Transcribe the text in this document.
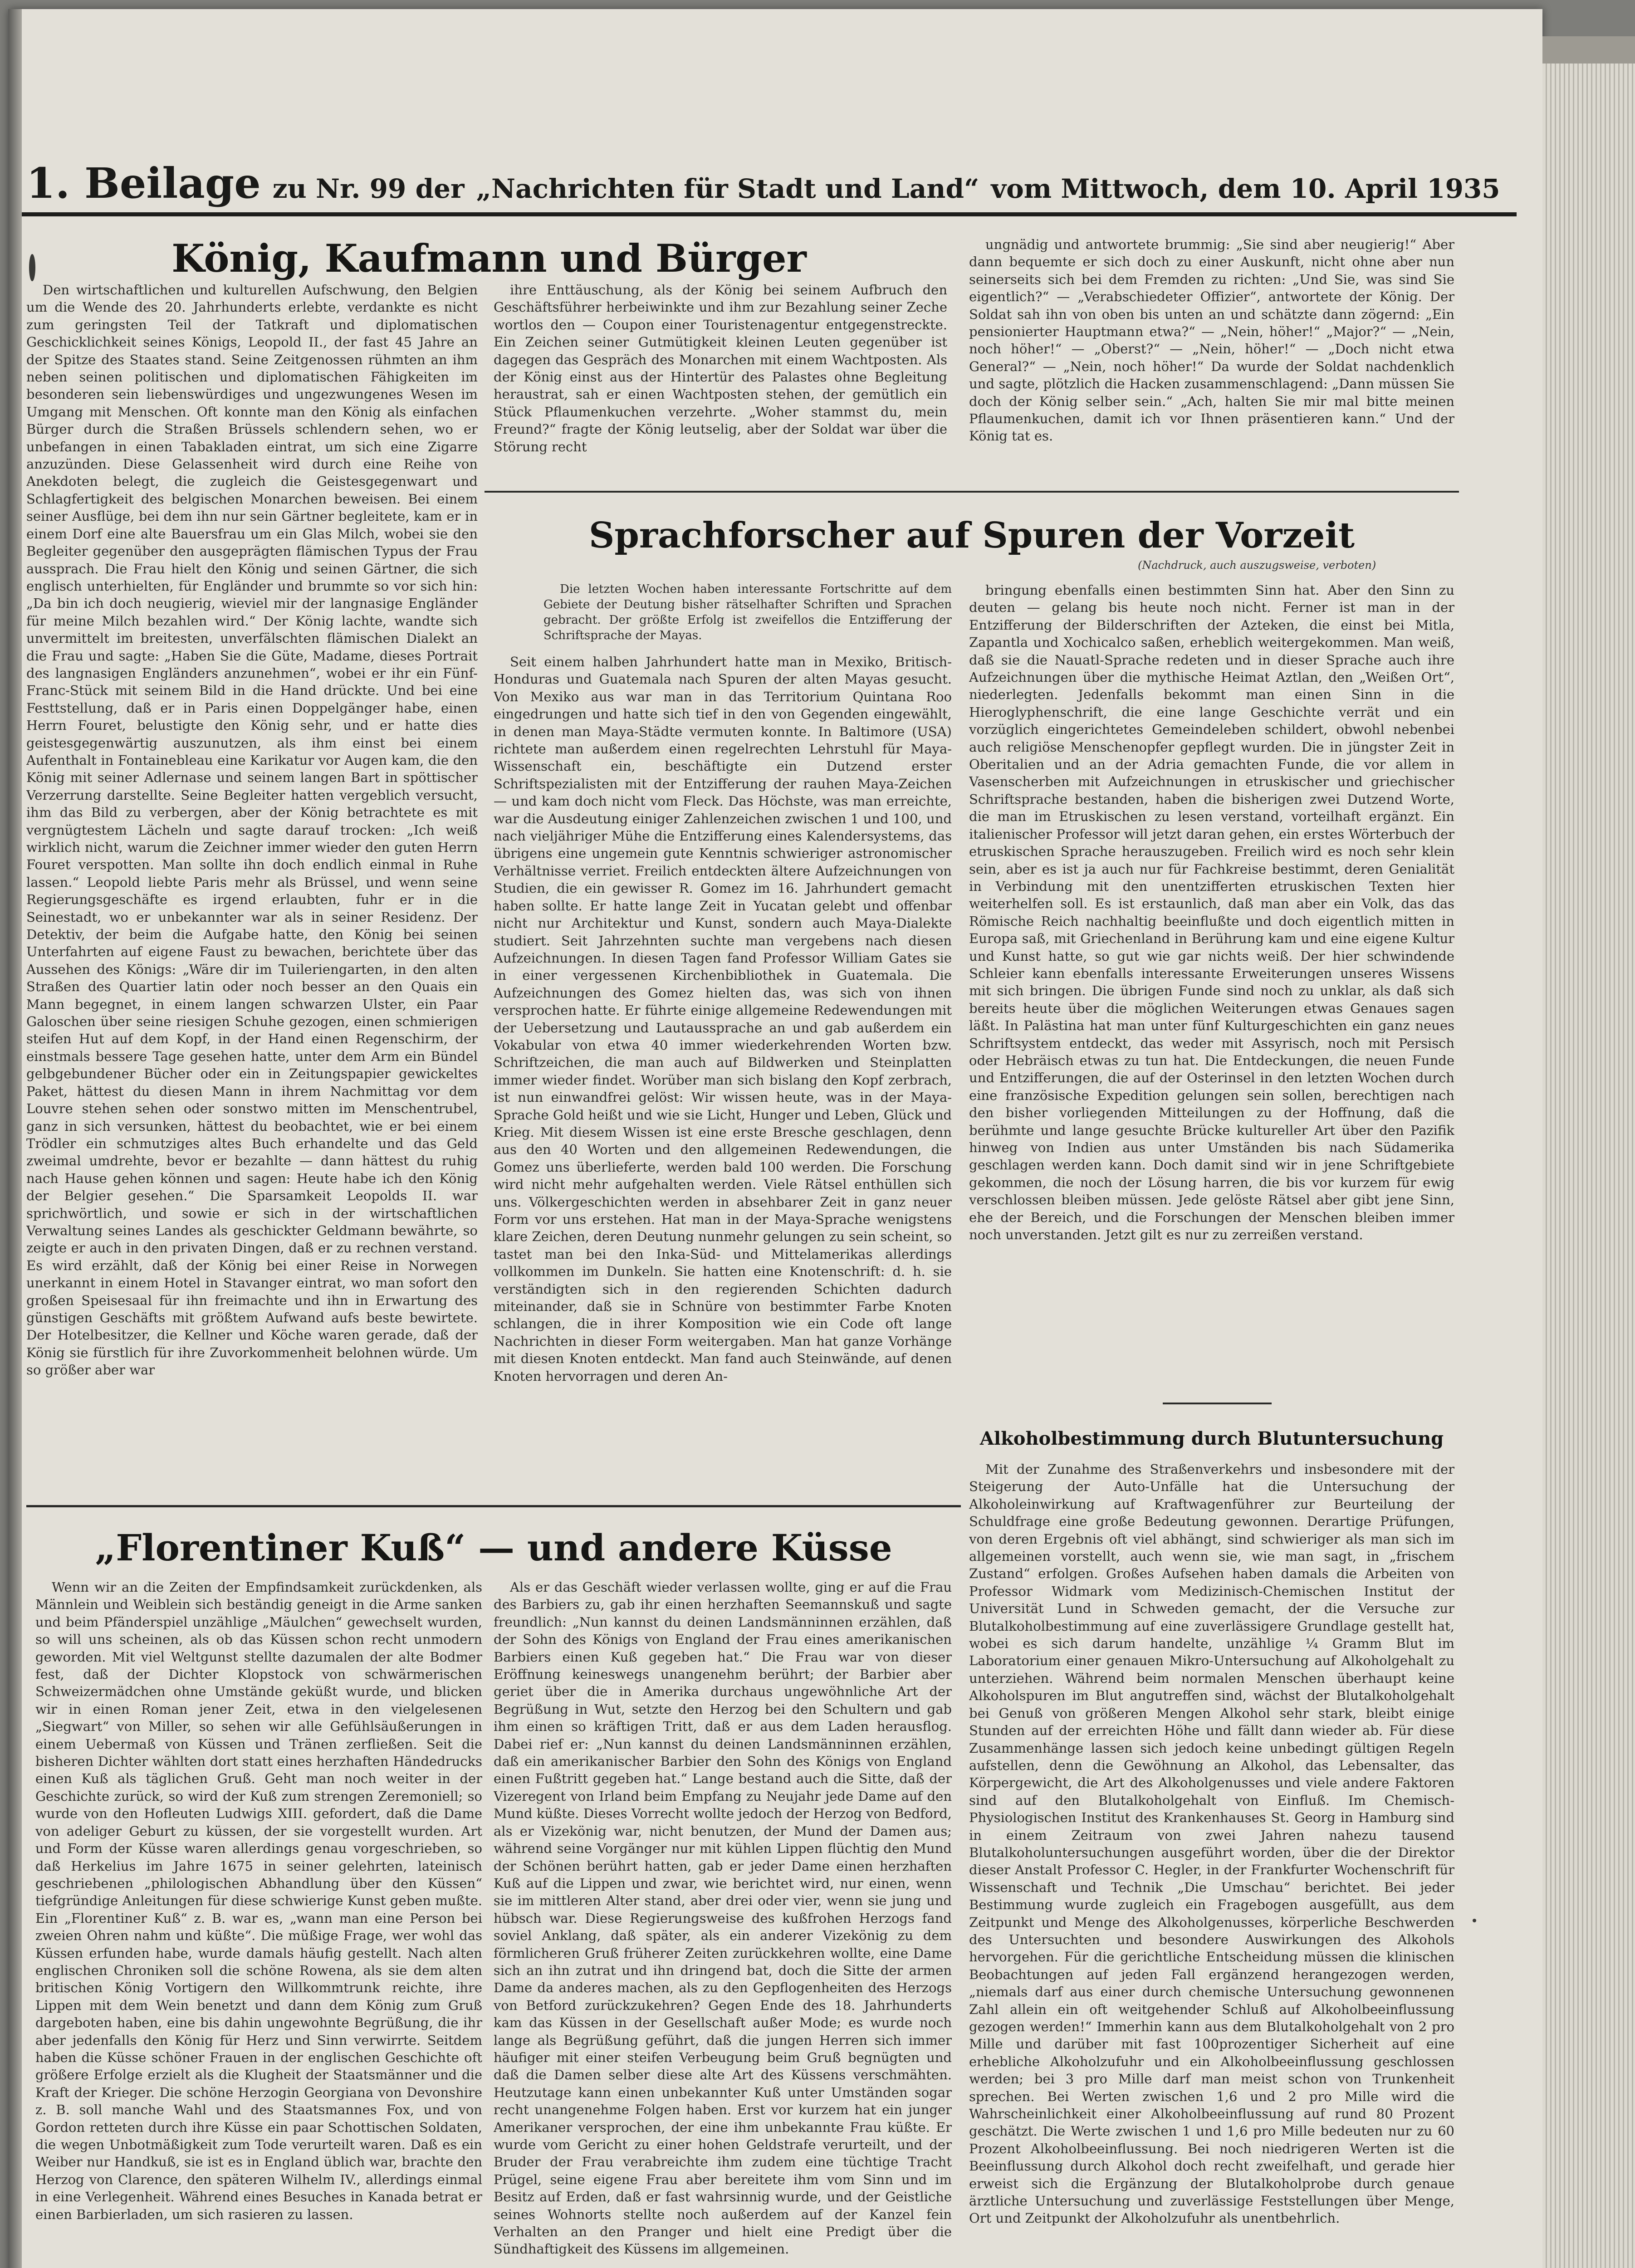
1. Beilage zu Nr. 99 der „Nachrichten für Stadt und Land“ vom Mittwoch, dem 10. April 1935
König, Kaufmann und Bürger

Den wirtschaftlichen und kulturellen Aufschwung, den Belgien um die Wende des 20. Jahrhunderts erlebte, verdankte es nicht zum geringsten Teil der Tatkraft und diplomatischen Geschicklichkeit seines Königs, Leopold II., der fast 45 Jahre an der Spitze des Staates stand. Seine Zeitgenossen rühmten an ihm neben seinen politischen und diplomatischen Fähigkeiten im besonderen sein liebenswürdiges und ungezwungenes Wesen im Umgang mit Menschen. Oft konnte man den König als einfachen Bürger durch die Straßen Brüssels schlendern sehen, wo er unbefangen in einen Tabakladen eintrat, um sich eine Zigarre anzuzünden. Diese Gelassenheit wird durch eine Reihe von Anekdoten belegt, die zugleich die Geistesgegenwart und Schlagfertigkeit des belgischen Monarchen beweisen. Bei einem seiner Ausflüge, bei dem ihn nur sein Gärtner begleitete, kam er in einem Dorf eine alte Bauersfrau um ein Glas Milch, wobei sie den Begleiter gegenüber den ausgeprägten flämischen Typus der Frau aussprach. Die Frau hielt den König und seinen Gärtner, die sich englisch unterhielten, für Engländer und brummte so vor sich hin: „Da bin ich doch neugierig, wieviel mir der langnasige Engländer für meine Milch bezahlen wird.“ Der König lachte, wandte sich unvermittelt im breitesten, unverfälschten flämischen Dialekt an die Frau und sagte: „Haben Sie die Güte, Madame, dieses Portrait des langnasigen Engländers anzunehmen“, wobei er ihr ein Fünf-Franc-Stück mit seinem Bild in die Hand drückte. Und bei eine Festtstellung, daß er in Paris einen Doppelgänger habe, einen Herrn Fouret, belustigte den König sehr, und er hatte dies geistesgegenwärtig auszunutzen, als ihm einst bei einem Aufenthalt in Fontainebleau eine Karikatur vor Augen kam, die den König mit seiner Adlernase und seinem langen Bart in spöttischer Verzerrung darstellte. Seine Begleiter hatten vergeblich versucht, ihm das Bild zu verbergen, aber der König betrachtete es mit vergnügtestem Lächeln und sagte darauf trocken: „Ich weiß wirklich nicht, warum die Zeichner immer wieder den guten Herrn Fouret verspotten. Man sollte ihn doch endlich einmal in Ruhe lassen.“ Leopold liebte Paris mehr als Brüssel, und wenn seine Regierungsgeschäfte es irgend erlaubten, fuhr er in die Seinestadt, wo er unbekannter war als in seiner Residenz. Der Detektiv, der beim die Aufgabe hatte, den König bei seinen Unterfahrten auf eigene Faust zu bewachen, berichtete über das Aussehen des Königs: „Wäre dir im Tuileriengarten, in den alten Straßen des Quartier latin oder noch besser an den Quais ein Mann begegnet, in einem langen schwarzen Ulster, ein Paar Galoschen über seine riesigen Schuhe gezogen, einen schmierigen steifen Hut auf dem Kopf, in der Hand einen Regenschirm, der einstmals bessere Tage gesehen hatte, unter dem Arm ein Bündel gelbgebundener Bücher oder ein in Zeitungspapier gewickeltes Paket, hättest du diesen Mann in ihrem Nachmittag vor dem Louvre stehen sehen oder sonstwo mitten im Menschentrubel, ganz in sich versunken, hättest du beobachtet, wie er bei einem Trödler ein schmutziges altes Buch erhandelte und das Geld zweimal umdrehte, bevor er bezahlte — dann hättest du ruhig nach Hause gehen können und sagen: Heute habe ich den König der Belgier gesehen.“ Die Sparsamkeit Leopolds II. war sprichwörtlich, und sowie er sich in der wirtschaftlichen Verwaltung seines Landes als geschickter Geldmann bewährte, so zeigte er auch in den privaten Dingen, daß er zu rechnen verstand. Es wird erzählt, daß der König bei einer Reise in Norwegen unerkannt in einem Hotel in Stavanger eintrat, wo man sofort den großen Speisesaal für ihn freimachte und ihn in Erwartung des günstigen Geschäfts mit größtem Aufwand aufs beste bewirtete. Der Hotelbesitzer, die Kellner und Köche waren gerade, daß der König sie fürstlich für ihre Zuvorkommenheit belohnen würde. Um so größer aber war

ihre Enttäuschung, als der König bei seinem Aufbruch den Geschäftsführer herbeiwinkte und ihm zur Bezahlung seiner Zeche wortlos den — Coupon einer Touristenagentur entgegenstreckte. Ein Zeichen seiner Gutmütigkeit kleinen Leuten gegenüber ist dagegen das Gespräch des Monarchen mit einem Wachtposten. Als der König einst aus der Hintertür des Palastes ohne Begleitung heraustrat, sah er einen Wachtposten stehen, der gemütlich ein Stück Pflaumenkuchen verzehrte. „Woher stammst du, mein Freund?“ fragte der König leutselig, aber der Soldat war über die Störung recht

ungnädig und antwortete brummig: „Sie sind aber neugierig!“ Aber dann bequemte er sich doch zu einer Auskunft, nicht ohne aber nun seinerseits sich bei dem Fremden zu richten: „Und Sie, was sind Sie eigentlich?“ — „Verabschiedeter Offizier“, antwortete der König. Der Soldat sah ihn von oben bis unten an und schätzte dann zögernd: „Ein pensionierter Hauptmann etwa?“ — „Nein, höher!“ „Major?“ — „Nein, noch höher!“ — „Oberst?“ — „Nein, höher!“ — „Doch nicht etwa General?“ — „Nein, noch höher!“ Da wurde der Soldat nachdenklich und sagte, plötzlich die Hacken zusammenschlagend: „Dann müssen Sie doch der König selber sein.“ „Ach, halten Sie mir mal bitte meinen Pflaumenkuchen, damit ich vor Ihnen präsentieren kann.“ Und der König tat es.

Sprachforscher auf Spuren der Vorzeit
(Nachdruck, auch auszugsweise, verboten)

Die letzten Wochen haben interessante Fortschritte auf dem Gebiete der Deutung bisher rätselhafter Schriften und Sprachen gebracht. Der größte Erfolg ist zweifellos die Entzifferung der Schriftsprache der Mayas.

Seit einem halben Jahrhundert hatte man in Mexiko, Britisch-Honduras und Guatemala nach Spuren der alten Mayas gesucht. Von Mexiko aus war man in das Territorium Quintana Roo eingedrungen und hatte sich tief in den von Gegenden eingewählt, in denen man Maya-Städte vermuten konnte. In Baltimore (USA) richtete man außerdem einen regelrechten Lehrstuhl für Maya-Wissenschaft ein, beschäftigte ein Dutzend erster Schriftspezialisten mit der Entzifferung der rauhen Maya-Zeichen — und kam doch nicht vom Fleck. Das Höchste, was man erreichte, war die Ausdeutung einiger Zahlenzeichen zwischen 1 und 100, und nach vieljähriger Mühe die Entzifferung eines Kalendersystems, das übrigens eine ungemein gute Kenntnis schwieriger astronomischer Verhältnisse verriet. Freilich entdeckten ältere Aufzeichnungen von Studien, die ein gewisser R. Gomez im 16. Jahrhundert gemacht haben sollte. Er hatte lange Zeit in Yucatan gelebt und offenbar nicht nur Architektur und Kunst, sondern auch Maya-Dialekte studiert. Seit Jahrzehnten suchte man vergebens nach diesen Aufzeichnungen. In diesen Tagen fand Professor William Gates sie in einer vergessenen Kirchenbibliothek in Guatemala. Die Aufzeichnungen des Gomez hielten das, was sich von ihnen versprochen hatte. Er führte einige allgemeine Redewendungen mit der Uebersetzung und Lautaussprache an und gab außerdem ein Vokabular von etwa 40 immer wiederkehrenden Worten bzw. Schriftzeichen, die man auch auf Bildwerken und Steinplatten immer wieder findet. Worüber man sich bislang den Kopf zerbrach, ist nun einwandfrei gelöst: Wir wissen heute, was in der Maya-Sprache Gold heißt und wie sie Licht, Hunger und Leben, Glück und Krieg. Mit diesem Wissen ist eine erste Bresche geschlagen, denn aus den 40 Worten und den allgemeinen Redewendungen, die Gomez uns überlieferte, werden bald 100 werden. Die Forschung wird nicht mehr aufgehalten werden. Viele Rätsel enthüllen sich uns. Völkergeschichten werden in absehbarer Zeit in ganz neuer Form vor uns erstehen. Hat man in der Maya-Sprache wenigstens klare Zeichen, deren Deutung nunmehr gelungen zu sein scheint, so tastet man bei den Inka-Süd- und Mittelamerikas allerdings vollkommen im Dunkeln. Sie hatten eine Knotenschrift: d. h. sie verständigten sich in den regierenden Schichten dadurch miteinander, daß sie in Schnüre von bestimmter Farbe Knoten schlangen, die in ihrer Komposition wie ein Code oft lange Nachrichten in dieser Form weitergaben. Man hat ganze Vorhänge mit diesen Knoten entdeckt. Man fand auch Steinwände, auf denen Knoten hervorragen und deren An-

bringung ebenfalls einen bestimmten Sinn hat. Aber den Sinn zu deuten — gelang bis heute noch nicht. Ferner ist man in der Entzifferung der Bilderschriften der Azteken, die einst bei Mitla, Zapantla und Xochicalco saßen, erheblich weitergekommen. Man weiß, daß sie die Nauatl-Sprache redeten und in dieser Sprache auch ihre Aufzeichnungen über die mythische Heimat Aztlan, den „Weißen Ort“, niederlegten. Jedenfalls bekommt man einen Sinn in die Hieroglyphenschrift, die eine lange Geschichte verrät und ein vorzüglich eingerichtetes Gemeindeleben schildert, obwohl nebenbei auch religiöse Menschenopfer gepflegt wurden. Die in jüngster Zeit in Oberitalien und an der Adria gemachten Funde, die vor allem in Vasenscherben mit Aufzeichnungen in etruskischer und griechischer Schriftsprache bestanden, haben die bisherigen zwei Dutzend Worte, die man im Etruskischen zu lesen verstand, vorteilhaft ergänzt. Ein italienischer Professor will jetzt daran gehen, ein erstes Wörterbuch der etruskischen Sprache herauszugeben. Freilich wird es noch sehr klein sein, aber es ist ja auch nur für Fachkreise bestimmt, deren Genialität in Verbindung mit den unentzifferten etruskischen Texten hier weiterhelfen soll. Es ist erstaunlich, daß man aber ein Volk, das das Römische Reich nachhaltig beeinflußte und doch eigentlich mitten in Europa saß, mit Griechenland in Berührung kam und eine eigene Kultur und Kunst hatte, so gut wie gar nichts weiß. Der hier schwindende Schleier kann ebenfalls interessante Erweiterungen unseres Wissens mit sich bringen. Die übrigen Funde sind noch zu unklar, als daß sich bereits heute über die möglichen Weiterungen etwas Genaues sagen läßt. In Palästina hat man unter fünf Kulturgeschichten ein ganz neues Schriftsystem entdeckt, das weder mit Assyrisch, noch mit Persisch oder Hebräisch etwas zu tun hat. Die Entdeckungen, die neuen Funde und Entzifferungen, die auf der Osterinsel in den letzten Wochen durch eine französische Expedition gelungen sein sollen, berechtigen nach den bisher vorliegenden Mitteilungen zu der Hoffnung, daß die berühmte und lange gesuchte Brücke kultureller Art über den Pazifik hinweg von Indien aus unter Umständen bis nach Südamerika geschlagen werden kann. Doch damit sind wir in jene Schriftgebiete gekommen, die noch der Lösung harren, die bis vor kurzem für ewig verschlossen bleiben müssen. Jede gelöste Rätsel aber gibt jene Sinn, ehe der Bereich, und die Forschungen der Menschen bleiben immer noch unverstanden. Jetzt gilt es nur zu zerreißen verstand.

„Florentiner Kuß“ — und andere Küsse

Wenn wir an die Zeiten der Empfindsamkeit zurückdenken, als Männlein und Weiblein sich beständig geneigt in die Arme sanken und beim Pfänderspiel unzählige „Mäulchen“ gewechselt wurden, so will uns scheinen, als ob das Küssen schon recht unmodern geworden. Mit viel Weltgunst stellte dazumalen der alte Bodmer fest, daß der Dichter Klopstock von schwärmerischen Schweizermädchen ohne Umstände geküßt wurde, und blicken wir in einen Roman jener Zeit, etwa in den vielgelesenen „Siegwart“ von Miller, so sehen wir alle Gefühlsäußerungen in einem Uebermaß von Küssen und Tränen zerfließen. Seit die bisheren Dichter wählten dort statt eines herzhaften Händedrucks einen Kuß als täglichen Gruß. Geht man noch weiter in der Geschichte zurück, so wird der Kuß zum strengen Zeremoniell; so wurde von den Hofleuten Ludwigs XIII. gefordert, daß die Dame von adeliger Geburt zu küssen, der sie vorgestellt wurden. Art und Form der Küsse waren allerdings genau vorgeschrieben, so daß Herkelius im Jahre 1675 in seiner gelehrten, lateinisch geschriebenen „philologischen Abhandlung über den Küssen“ tiefgründige Anleitungen für diese schwierige Kunst geben mußte. Ein „Florentiner Kuß“ z. B. war es, „wann man eine Person bei zweien Ohren nahm und küßte“. Die müßige Frage, wer wohl das Küssen erfunden habe, wurde damals häufig gestellt. Nach alten englischen Chroniken soll die schöne Rowena, als sie dem alten britischen König Vortigern den Willkommtrunk reichte, ihre Lippen mit dem Wein benetzt und dann dem König zum Gruß dargeboten haben, eine bis dahin ungewohnte Begrüßung, die ihr aber jedenfalls den König für Herz und Sinn verwirrte. Seitdem haben die Küsse schöner Frauen in der englischen Geschichte oft größere Erfolge erzielt als die Klugheit der Staatsmänner und die Kraft der Krieger. Die schöne Herzogin Georgiana von Devonshire z. B. soll manche Wahl und des Staatsmannes Fox, und von Gordon retteten durch ihre Küsse ein paar Schottischen Soldaten, die wegen Unbotmäßigkeit zum Tode verurteilt waren. Daß es ein Weiber nur Handkuß, sie ist es in England üblich war, brachte den Herzog von Clarence, den späteren Wilhelm IV., allerdings einmal in eine Verlegenheit. Während eines Besuches in Kanada betrat er einen Barbierladen, um sich rasieren zu lassen.

Als er das Geschäft wieder verlassen wollte, ging er auf die Frau des Barbiers zu, gab ihr einen herzhaften Seemannskuß und sagte freundlich: „Nun kannst du deinen Landsmänninnen erzählen, daß der Sohn des Königs von England der Frau eines amerikanischen Barbiers einen Kuß gegeben hat.“ Die Frau war von dieser Eröffnung keineswegs unangenehm berührt; der Barbier aber geriet über die in Amerika durchaus ungewöhnliche Art der Begrüßung in Wut, setzte den Herzog bei den Schultern und gab ihm einen so kräftigen Tritt, daß er aus dem Laden herausflog. Dabei rief er: „Nun kannst du deinen Landsmänninnen erzählen, daß ein amerikanischer Barbier den Sohn des Königs von England einen Fußtritt gegeben hat.“ Lange bestand auch die Sitte, daß der Vizeregent von Irland beim Empfang zu Neujahr jede Dame auf den Mund küßte. Dieses Vorrecht wollte jedoch der Herzog von Bedford, als er Vizekönig war, nicht benutzen, der Mund der Damen aus; während seine Vorgänger nur mit kühlen Lippen flüchtig den Mund der Schönen berührt hatten, gab er jeder Dame einen herzhaften Kuß auf die Lippen und zwar, wie berichtet wird, nur einen, wenn sie im mittleren Alter stand, aber drei oder vier, wenn sie jung und hübsch war. Diese Regierungsweise des kußfrohen Herzogs fand soviel Anklang, daß später, als ein anderer Vizekönig zu dem förmlicheren Gruß früherer Zeiten zurückkehren wollte, eine Dame sich an ihn zutrat und ihn dringend bat, doch die Sitte der armen Dame da anderes machen, als zu den Gepflogenheiten des Herzogs von Betford zurückzukehren? Gegen Ende des 18. Jahrhunderts kam das Küssen in der Gesellschaft außer Mode; es wurde noch lange als Begrüßung geführt, daß die jungen Herren sich immer häufiger mit einer steifen Verbeugung beim Gruß begnügten und daß die Damen selber diese alte Art des Küssens verschmähten. Heutzutage kann einen unbekannter Kuß unter Umständen sogar recht unangenehme Folgen haben. Erst vor kurzem hat ein junger Amerikaner versprochen, der eine ihm unbekannte Frau küßte. Er wurde vom Gericht zu einer hohen Geldstrafe verurteilt, und der Bruder der Frau verabreichte ihm zudem eine tüchtige Tracht Prügel, seine eigene Frau aber bereitete ihm vom Sinn und im Besitz auf Erden, daß er fast wahrsinnig wurde, und der Geistliche seines Wohnorts stellte noch außerdem auf der Kanzel fein Verhalten an den Pranger und hielt eine Predigt über die Sündhaftigkeit des Küssens im allgemeinen.

Alkoholbestimmung durch Blutuntersuchung

Mit der Zunahme des Straßenverkehrs und insbesondere mit der Steigerung der Auto-Unfälle hat die Untersuchung der Alkoholeinwirkung auf Kraftwagenführer zur Beurteilung der Schuldfrage eine große Bedeutung gewonnen. Derartige Prüfungen, von deren Ergebnis oft viel abhängt, sind schwieriger als man sich im allgemeinen vorstellt, auch wenn sie, wie man sagt, in „frischem Zustand“ erfolgen. Großes Aufsehen haben damals die Arbeiten von Professor Widmark vom Medizinisch-Chemischen Institut der Universität Lund in Schweden gemacht, der die Versuche zur Blutalkoholbestimmung auf eine zuverlässigere Grundlage gestellt hat, wobei es sich darum handelte, unzählige ¼ Gramm Blut im Laboratorium einer genauen Mikro-Untersuchung auf Alkoholgehalt zu unterziehen. Während beim normalen Menschen überhaupt keine Alkoholspuren im Blut angutreffen sind, wächst der Blutalkoholgehalt bei Genuß von größeren Mengen Alkohol sehr stark, bleibt einige Stunden auf der erreichten Höhe und fällt dann wieder ab. Für diese Zusammenhänge lassen sich jedoch keine unbedingt gültigen Regeln aufstellen, denn die Gewöhnung an Alkohol, das Lebensalter, das Körpergewicht, die Art des Alkoholgenusses und viele andere Faktoren sind auf den Blutalkoholgehalt von Einfluß. Im Chemisch-Physiologischen Institut des Krankenhauses St. Georg in Hamburg sind in einem Zeitraum von zwei Jahren nahezu tausend Blutalkoholuntersuchungen ausgeführt worden, über die der Direktor dieser Anstalt Professor C. Hegler, in der Frankfurter Wochenschrift für Wissenschaft und Technik „Die Umschau“ berichtet. Bei jeder Bestimmung wurde zugleich ein Fragebogen ausgefüllt, aus dem Zeitpunkt und Menge des Alkoholgenusses, körperliche Beschwerden des Untersuchten und besondere Auswirkungen des Alkohols hervorgehen. Für die gerichtliche Entscheidung müssen die klinischen Beobachtungen auf jeden Fall ergänzend herangezogen werden, „niemals darf aus einer durch chemische Untersuchung gewonnenen Zahl allein ein oft weitgehender Schluß auf Alkoholbeeinflussung gezogen werden!“ Immerhin kann aus dem Blutalkoholgehalt von 2 pro Mille und darüber mit fast 100prozentiger Sicherheit auf eine erhebliche Alkoholzufuhr und ein Alkoholbeeinflussung geschlossen werden; bei 3 pro Mille darf man meist schon von Trunkenheit sprechen. Bei Werten zwischen 1,6 und 2 pro Mille wird die Wahrscheinlichkeit einer Alkoholbeeinflussung auf rund 80 Prozent geschätzt. Die Werte zwischen 1 und 1,6 pro Mille bedeuten nur zu 60 Prozent Alkoholbeeinflussung. Bei noch niedrigeren Werten ist die Beeinflussung durch Alkohol doch recht zweifelhaft, und gerade hier erweist sich die Ergänzung der Blutalkoholprobe durch genaue ärztliche Untersuchung und zuverlässige Feststellungen über Menge, Ort und Zeitpunkt der Alkoholzufuhr als unentbehrlich.
